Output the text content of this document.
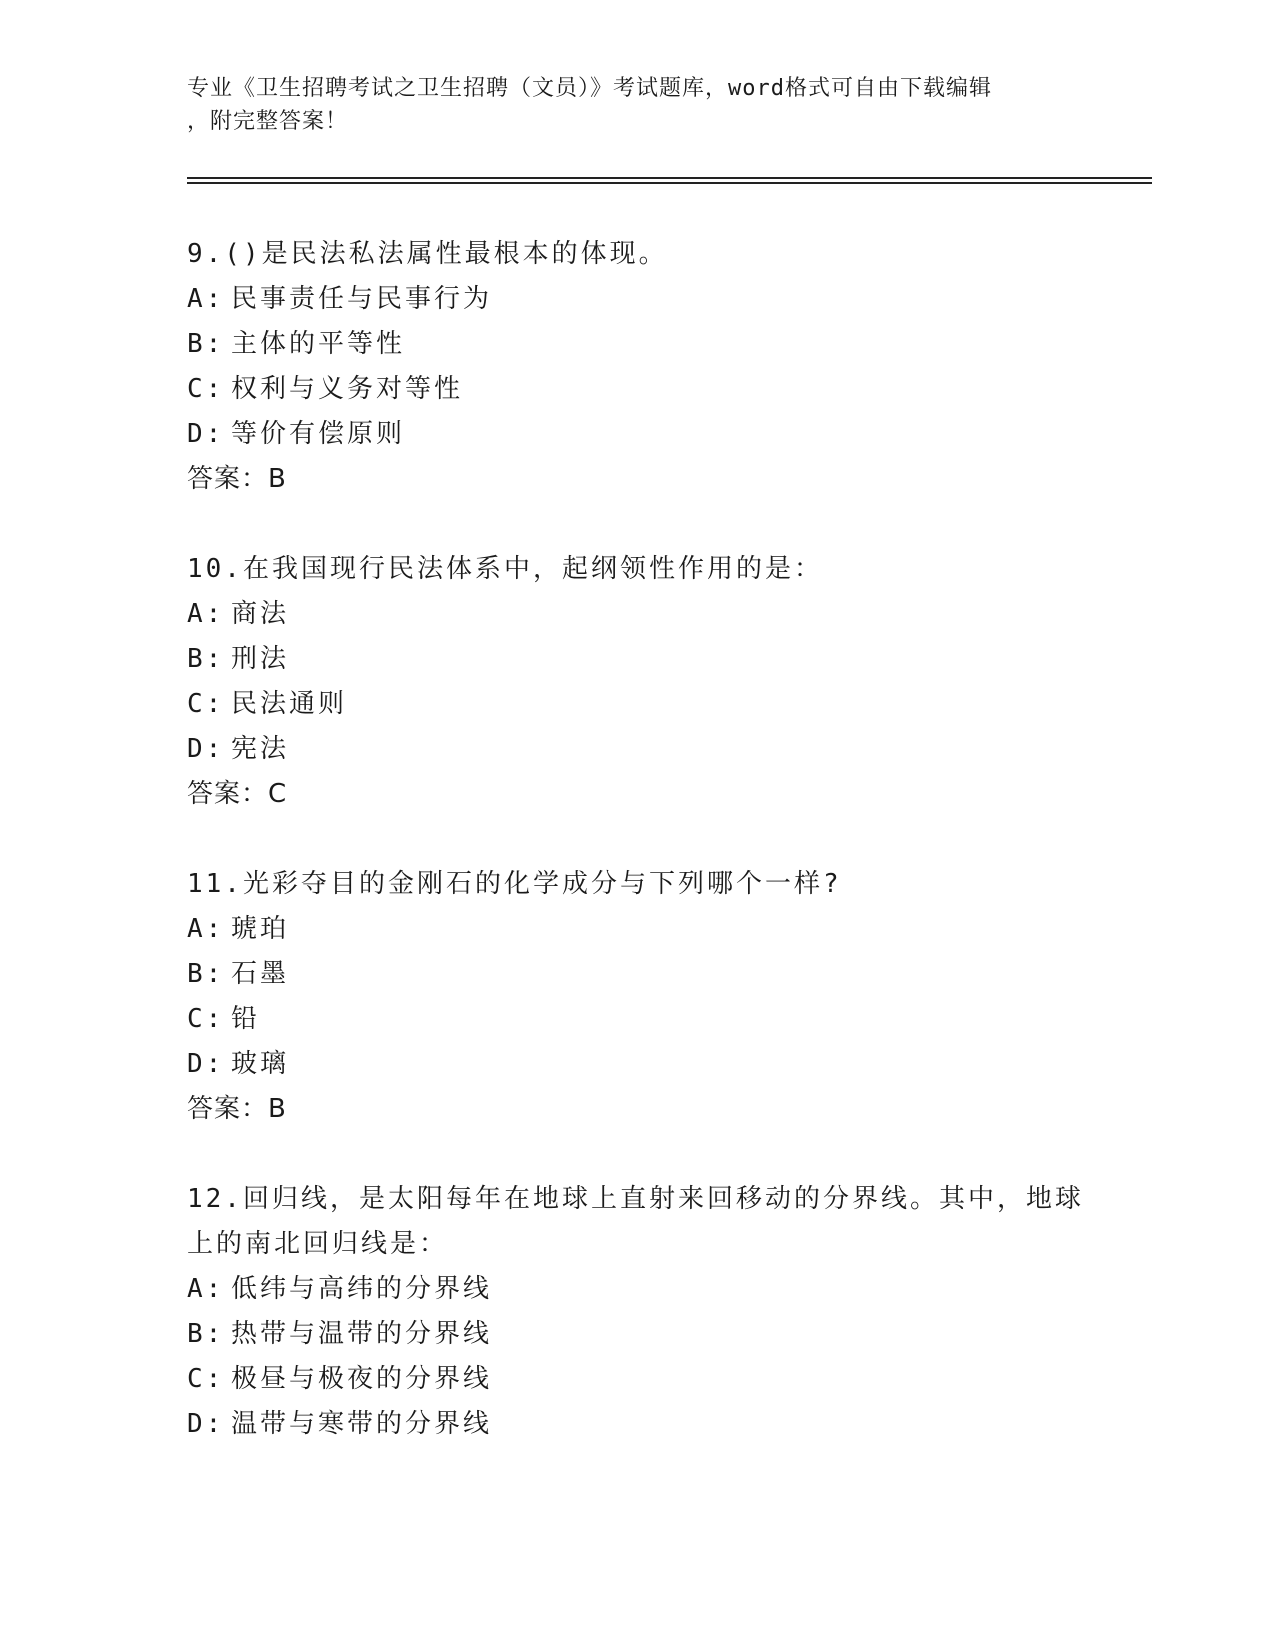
专业《卫生招聘考试之卫生招聘（文员）》考试题库，word格式可自由下载编辑
，附完整答案！

9.()是民法私法属性最根本的体现。

A: 民事责任与民事行为

B: 主体的平等性

C: 权利与义务对等性

D: 等价有偿原则

答案：B

10.在我国现行民法体系中，起纲领性作用的是：

A: 商法

B: 刑法

C: 民法通则

D: 宪法

答案：C

11.光彩夺目的金刚石的化学成分与下列哪个一样?

A: 琥珀

B: 石墨

C: 铅

D: 玻璃

答案：B

12.回归线，是太阳每年在地球上直射来回移动的分界线。其中，地球

上的南北回归线是：

A: 低纬与高纬的分界线

B: 热带与温带的分界线

C: 极昼与极夜的分界线

D: 温带与寒带的分界线
